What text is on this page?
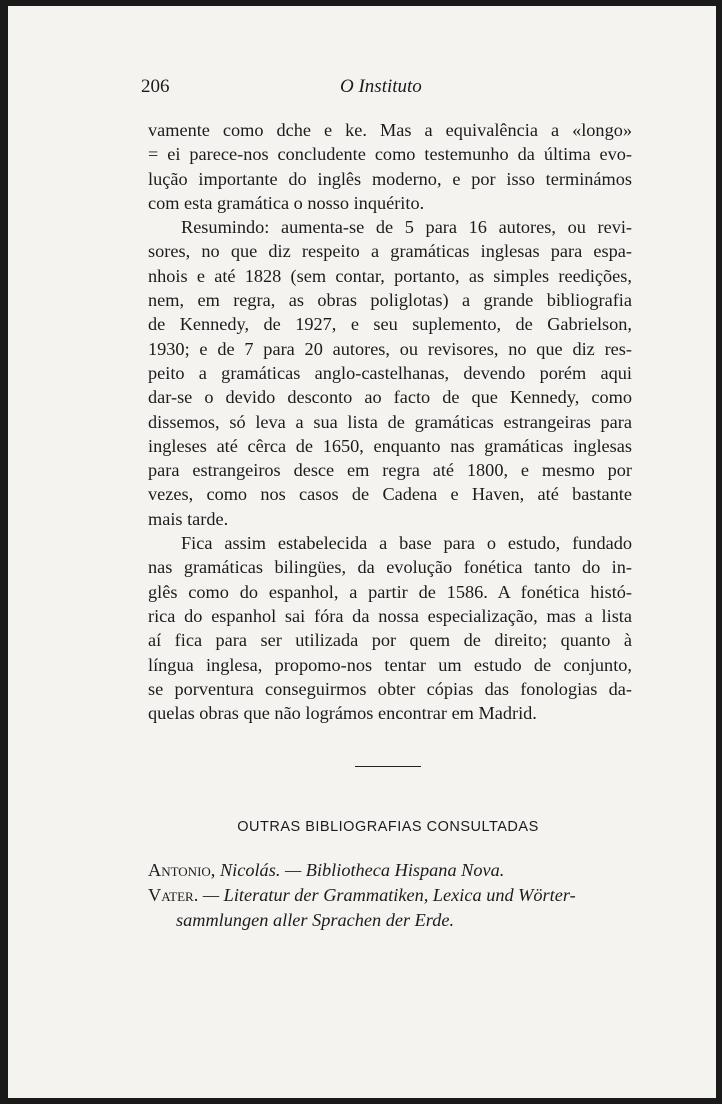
206	O Instituto
vamente como dche e ke. Mas a equivalência a «longo»
= ei parece-nos concludente como testemunho da última evo-
lução importante do inglês moderno, e por isso terminámos
com esta gramática o nosso inquérito.
Resumindo: aumenta-se de 5 para 16 autores, ou revi-
sores, no que diz respeito a gramáticas inglesas para espa-
nhois e até 1828 (sem contar, portanto, as simples reedições,
nem, em regra, as obras poliglotas) a grande bibliografia
de Kennedy, de 1927, e seu suplemento, de Gabrielson,
1930; e de 7 para 20 autores, ou revisores, no que diz res-
peito a gramáticas anglo-castelhanas, devendo porém aqui
dar-se o devido desconto ao facto de que Kennedy, como
dissemos, só leva a sua lista de gramáticas estrangeiras para
ingleses até cêrca de 1650, enquanto nas gramáticas inglesas
para estrangeiros desce em regra até 1800, e mesmo por
vezes, como nos casos de Cadena e Haven, até bastante
mais tarde.
Fica assim estabelecida a base para o estudo, fundado
nas gramáticas bilingües, da evolução fonética tanto do in-
glês como do espanhol, a partir de 1586. A fonética histó-
rica do espanhol sai fóra da nossa especialização, mas a lista
aí fica para ser utilizada por quem de direito; quanto à
língua inglesa, propomo-nos tentar um estudo de conjunto,
se porventura conseguirmos obter cópias das fonologias da-
quelas obras que não lográmos encontrar em Madrid.
OUTRAS BIBLIOGRAFIAS CONSULTADAS
Antonio, Nicolás. — Bibliotheca Hispana Nova.
Vater. — Literatur der Grammatiken, Lexica und Wörter-
sammlungen aller Sprachen der Erde.
